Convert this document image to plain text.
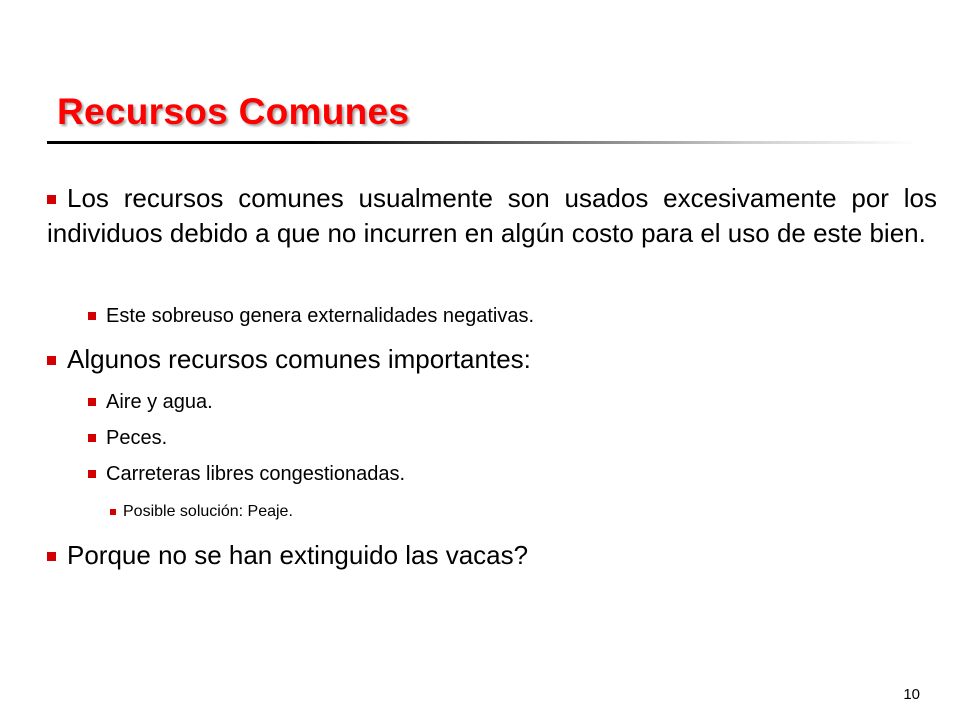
Recursos Comunes
Los recursos comunes usualmente son usados excesivamente por los individuos debido a que no incurren en algún costo para el uso de este bien.
Este sobreuso genera externalidades negativas.
Algunos recursos comunes importantes:
Aire y agua.
Peces.
Carreteras libres congestionadas.
Posible solución: Peaje.
Porque no se han extinguido las vacas?
10
